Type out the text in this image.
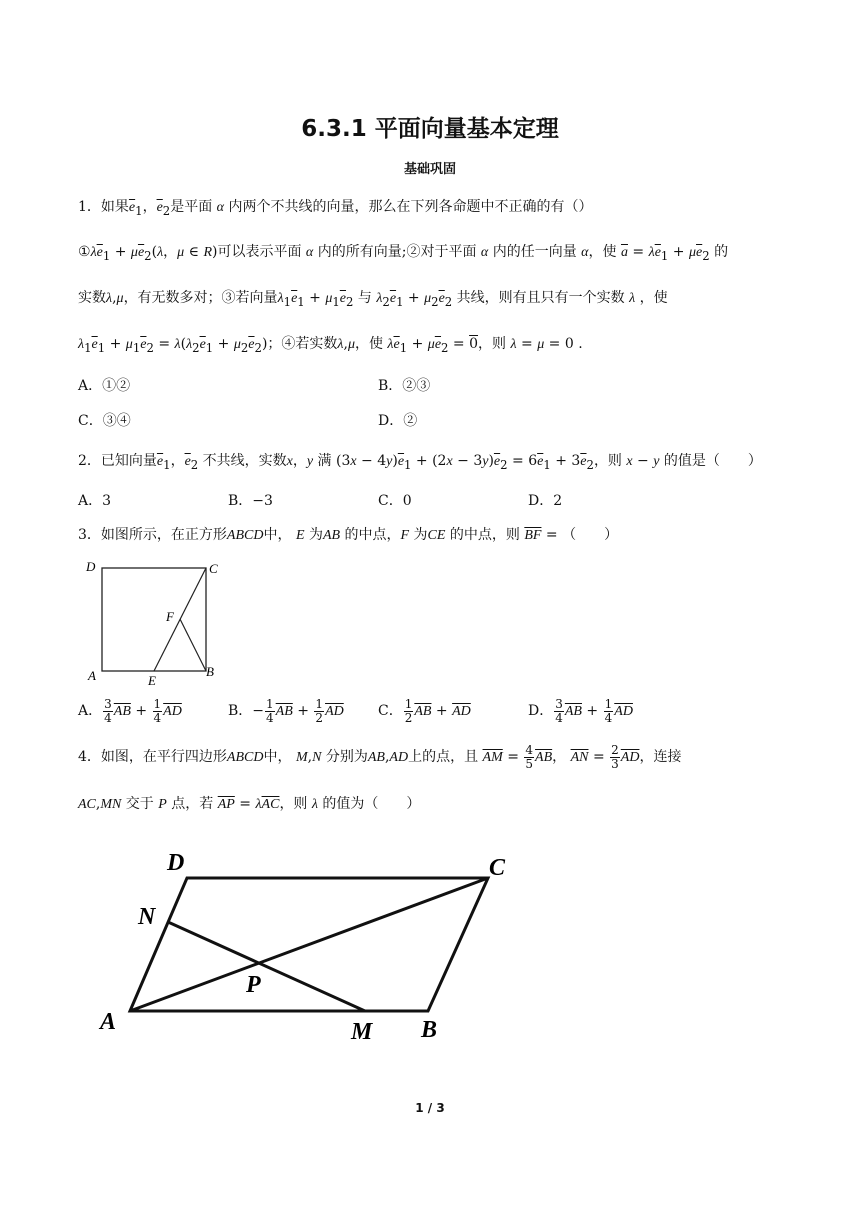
6.3.1 平面向量基本定理
基础巩固
1．如果$\overline{e}_1$，$\overline{e}_2$是平面 α 内两个不共线的向量，那么在下列各命题中不正确的有（）
$①\lambda\overline{e}_1 + \mu\overline{e}_2(\lambda$，μ ∈ R)可以表示平面 α 内的所有向量;②对于平面 α 内的任一向量 α，使 $\overline{a} = \lambda\overline{e}_1 + \mu\overline{e}_2$ 的
实数λ,μ，有无数多对；③若向量$\lambda_1\overline{e}_1 + \mu_1\overline{e}_2$ 与 $\lambda_2\overline{e}_1 + \mu_2\overline{e}_2$ 共线，则有且只有一个实数 λ ，使
$\lambda_1\overline{e}_1 + \mu_1\overline{e}_2 = \lambda(\lambda_2\overline{e}_1 + \mu_2\overline{e}_2)$；④若实数λ,μ，使 $\lambda\overline{e}_1 + \mu\overline{e}_2 = 0$，则 λ = μ = 0 .
A．①②	B．②③
C．③④	D．②
2．已知向量$\overline{e}_1$，$\overline{e}_2$ 不共线，实数x，y 满 $(3x - 4y)\overline{e}_1 + (2x - 3y)\overline{e}_2 = 6\overline{e}_1 + 3\overline{e}_2$，则 x − y 的值是（　　）
A．3	B．−3	C．0	D．2
3．如图所示，在正方形ABCD中， E 为AB 的中点，F 为CE 的中点，则 $\overline{BF}$ = （　　）
D	C
F
A	E
B
A． $\frac{3}{4} \overline{AB} + \frac{1}{4} \overline{AD}$	B．− $\frac{1}{4} \overline{AB} + \frac{1}{2} \overline{AD}$ C． $\frac{1}{2} \overline{AB} + \overline{AD}$	D． $\frac{3}{4} \overline{AB} + \frac{1}{4} \overline{AD}$
4．如图，在平行四边形ABCD中， M,N 分别为AB,AD上的点，且 $\overline{AM} = \frac{4}{5} \overline{AB}$， $\overline{AN} = \frac{2}{3} \overline{AD}$，连接
AC,MN 交于 P 点，若 $\overline{AP} = \lambda\overline{AC}$，则 λ 的值为（　　）
D	C
N
P
A	M B
1 / 3
